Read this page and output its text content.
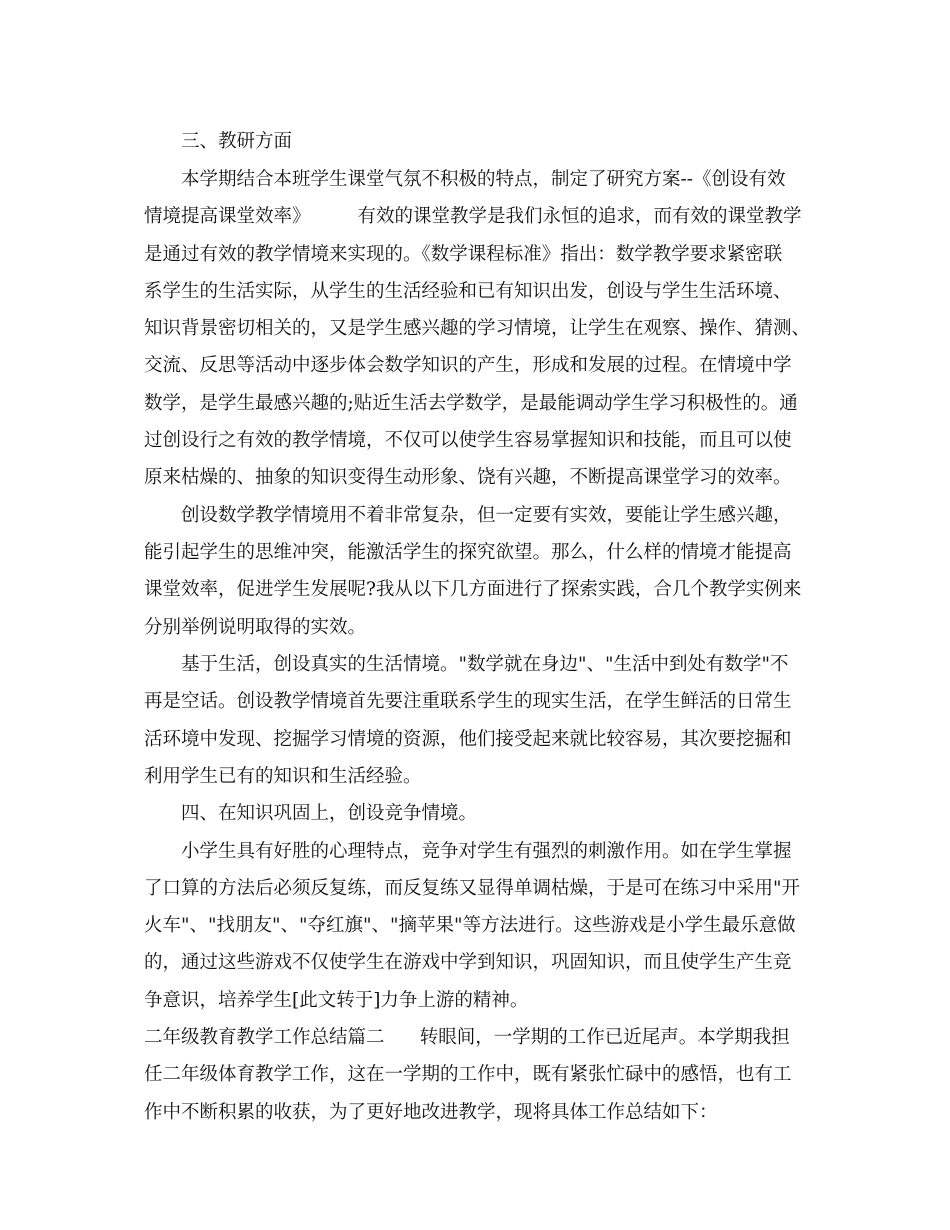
三、教研方面
本学期结合本班学生课堂气氛不积极的特点，制定了研究方案--《创设有效
情境提高课堂效率》        有效的课堂教学是我们永恒的追求，而有效的课堂教学
是通过有效的教学情境来实现的。《数学课程标准》指出：数学教学要求紧密联
系学生的生活实际，从学生的生活经验和已有知识出发，创设与学生生活环境、
知识背景密切相关的，又是学生感兴趣的学习情境，让学生在观察、操作、猜测、
交流、反思等活动中逐步体会数学知识的产生，形成和发展的过程。在情境中学
数学，是学生最感兴趣的;贴近生活去学数学，是最能调动学生学习积极性的。通
过创设行之有效的教学情境，不仅可以使学生容易掌握知识和技能，而且可以使
原来枯燥的、抽象的知识变得生动形象、饶有兴趣，不断提高课堂学习的效率。
创设数学教学情境用不着非常复杂，但一定要有实效，要能让学生感兴趣，
能引起学生的思维冲突，能激活学生的探究欲望。那么，什么样的情境才能提高
课堂效率，促进学生发展呢?我从以下几方面进行了探索实践，合几个教学实例来
分别举例说明取得的实效。
基于生活，创设真实的生活情境。"数学就在身边"、"生活中到处有数学"不
再是空话。创设教学情境首先要注重联系学生的现实生活，在学生鲜活的日常生
活环境中发现、挖掘学习情境的资源，他们接受起来就比较容易，其次要挖掘和
利用学生已有的知识和生活经验。
四、在知识巩固上，创设竞争情境。
小学生具有好胜的心理特点，竞争对学生有强烈的刺激作用。如在学生掌握
了口算的方法后必须反复练，而反复练又显得单调枯燥，于是可在练习中采用"开
火车"、"找朋友"、"夺红旗"、"摘苹果"等方法进行。这些游戏是小学生最乐意做
的，通过这些游戏不仅使学生在游戏中学到知识，巩固知识，而且使学生产生竞
争意识，培养学生[此文转于]力争上游的精神。
二年级教育教学工作总结篇二      转眼间，一学期的工作已近尾声。本学期我担
任二年级体育教学工作，这在一学期的工作中，既有紧张忙碌中的感悟，也有工
作中不断积累的收获，为了更好地改进教学，现将具体工作总结如下：
